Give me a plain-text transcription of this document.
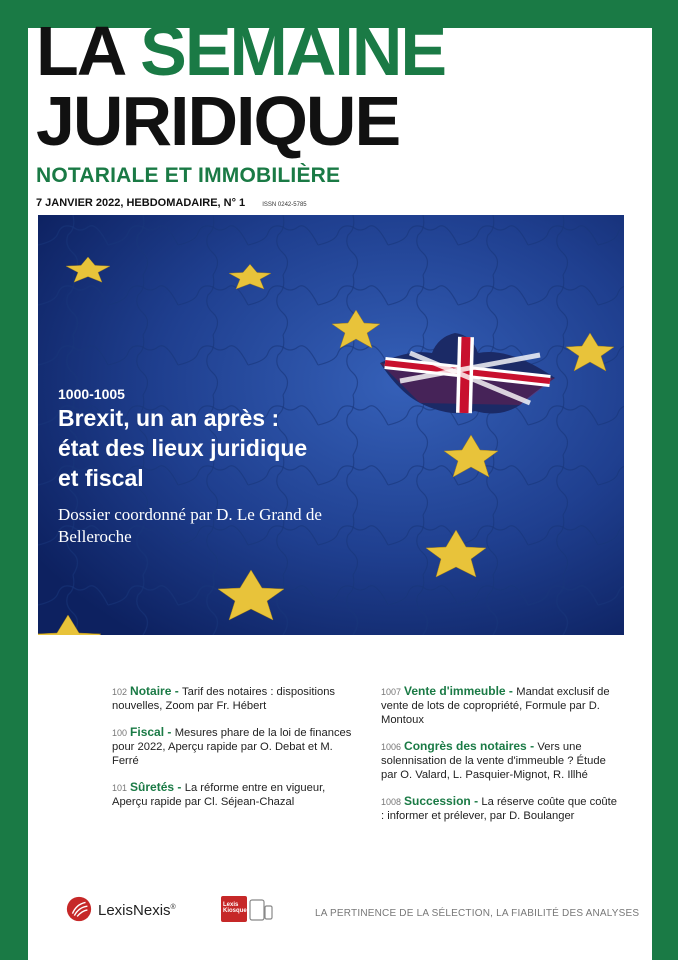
LA SEMAINE
JURIDIQUE
NOTARIALE ET IMMOBILIÈRE
7 JANVIER 2022, HEBDOMADAIRE, N° 1	ISSN 0242-5785
1000-1005
Brexit, un an après :
état des lieux juridique
et fiscal
Dossier coordonné par D. Le Grand de
Belleroche
102 Notaire - Tarif des notaires : dispositions nouvelles, Zoom par Fr. Hébert
100 Fiscal - Mesures phare de la loi de finances pour 2022, Aperçu rapide par O. Debat et M. Ferré
101 Sûretés - La réforme entre en vigueur, Aperçu rapide par Cl. Séjean-Chazal
1007 Vente d'immeuble - Mandat exclusif de vente de lots de copropriété, Formule par D. Montoux
1006 Congrès des notaires - Vers une solennisation de la vente d'immeuble ? Étude par O. Valard, L. Pasquier-Mignot, R. Illhé
1008 Succession - La réserve coûte que coûte : informer et prélever, par D. Boulanger
LexisNexis®	Lexis Kiosque	LA PERTINENCE DE LA SÉLECTION, LA FIABILITÉ DES ANALYSES
